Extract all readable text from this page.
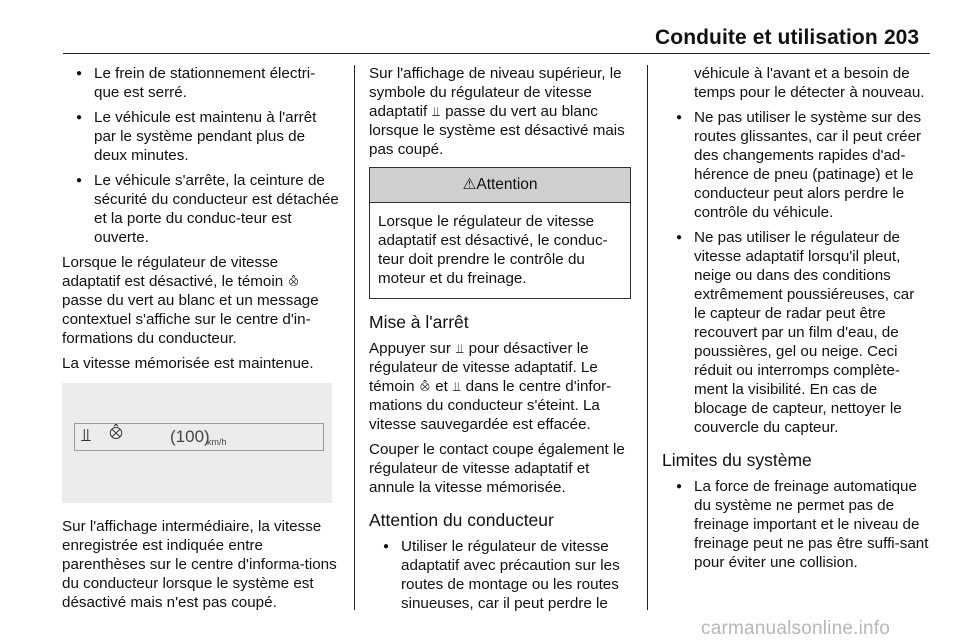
Conduite et utilisation 203
● Le frein de stationnement électri-que est serré.
● Le véhicule est maintenu à l'arrêt par le système pendant plus de deux minutes.
● Le véhicule s'arrête, la ceinture de sécurité du conducteur est détachée et la porte du conduc-teur est ouverte.

Lorsque le régulateur de vitesse adaptatif est désactivé, le témoin ⨶ passe du vert au blanc et un message contextuel s'affiche sur le centre d'in-formations du conducteur.

La vitesse mémorisée est maintenue.

⫫ ⨶	(100)
km/h

Sur l'affichage intermédiaire, la vitesse enregistrée est indiquée entre parenthèses sur le centre d'informa-tions du conducteur lorsque le système est désactivé mais n'est pas coupé.

Sur l'affichage de niveau supérieur, le symbole du régulateur de vitesse adaptatif ⫫ passe du vert au blanc lorsque le système est désactivé mais pas coupé.

⚠Attention
Lorsque le régulateur de vitesse adaptatif est désactivé, le conduc-teur doit prendre le contrôle du moteur et du freinage.
Mise à l'arrêt

Appuyer sur ⫫ pour désactiver le régulateur de vitesse adaptatif. Le témoin ⨶ et ⫫ dans le centre d'infor-mations du conducteur s'éteint. La vitesse sauvegardée est effacée.

Couper le contact coupe également le régulateur de vitesse adaptatif et annule la vitesse mémorisée.

Attention du conducteur
● Utiliser le régulateur de vitesse adaptatif avec précaution sur les routes de montage ou les routes sinueuses, car il peut perdre le
véhicule à l'avant et a besoin de temps pour le détecter à nouveau.
● Ne pas utiliser le système sur des routes glissantes, car il peut créer des changements rapides d'ad-hérence de pneu (patinage) et le conducteur peut alors perdre le contrôle du véhicule.
● Ne pas utiliser le régulateur de vitesse adaptatif lorsqu'il pleut, neige ou dans des conditions extrêmement poussiéreuses, car le capteur de radar peut être recouvert par un film d'eau, de poussières, gel ou neige. Ceci réduit ou interromps complète-ment la visibilité. En cas de blocage de capteur, nettoyer le couvercle du capteur.
Limites du système
● La force de freinage automatique du système ne permet pas de freinage important et le niveau de freinage peut ne pas être suffi-sant pour éviter une collision.
carmanualsonline.info
